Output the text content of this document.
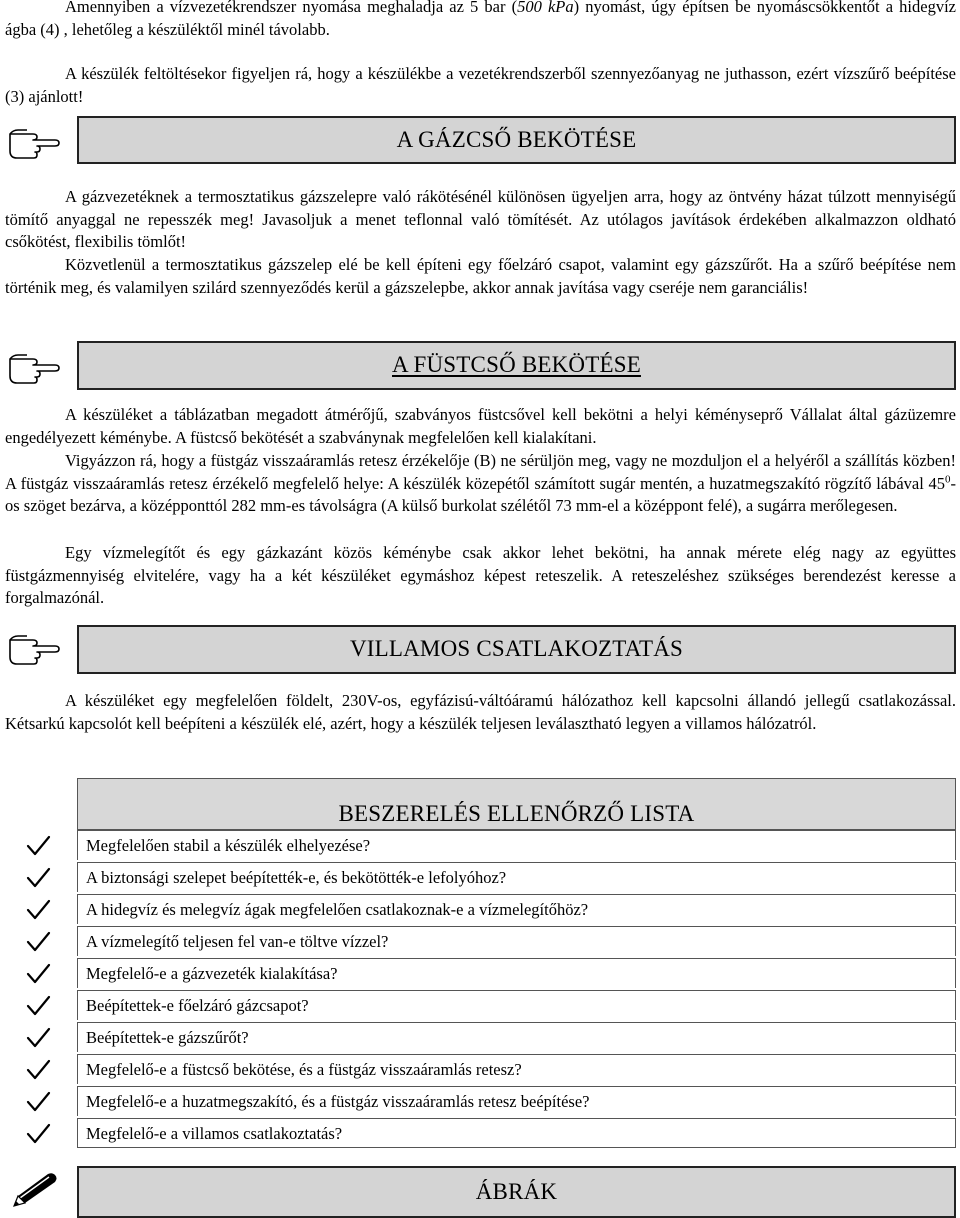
Amennyiben a vízvezetékrendszer nyomása meghaladja az 5 bar (500 kPa) nyomást, úgy építsen be nyomáscsökkentőt a hidegvíz ágba (4) , lehetőleg a készüléktől minél távolabb.

A készülék feltöltésekor figyeljen rá, hogy a készülékbe a vezetékrendszerből szennyezőanyag ne juthasson, ezért vízszűrő beépítése (3) ajánlott!

A GÁZCSŐ BEKÖTÉSE

A gázvezetéknek a termosztatikus gázszelepre való rákötésénél különösen ügyeljen arra, hogy az öntvény házat túlzott mennyiségű tömítő anyaggal ne repesszék meg! Javasoljuk a menet teflonnal való tömítését. Az utólagos javítások érdekében alkalmazzon oldható csőkötést, flexibilis tömlőt!

Közvetlenül a termosztatikus gázszelep elé be kell építeni egy főelzáró csapot, valamint egy gázszűrőt. Ha a szűrő beépítése nem történik meg, és valamilyen szilárd szennyeződés kerül a gázszelepbe, akkor annak javítása vagy cseréje nem garanciális!

A FÜSTCSŐ BEKÖTÉSE

A készüléket a táblázatban megadott átmérőjű, szabványos füstcsővel kell bekötni a helyi kéményseprő Vállalat által gázüzemre engedélyezett kéménybe. A füstcső bekötését a szabványnak megfelelően kell kialakítani.

Vigyázzon rá, hogy a füstgáz visszaáramlás retesz érzékelője (B) ne sérüljön meg, vagy ne mozduljon el a helyéről a szállítás közben! A füstgáz visszaáramlás retesz érzékelő megfelelő helye: A készülék közepétől számított sugár mentén, a huzatmegszakító rögzítő lábával $45^0-os$ szöget bezárva, a középponttól 282 mm-es távolságra (A külső burkolat szélétől 73 mm-el a középpont felé), a sugárra merőlegesen.

Egy vízmelegítőt és egy gázkazánt közös kéménybe csak akkor lehet bekötni, ha annak mérete elég nagy az együttes füstgázmennyiség elvitelére, vagy ha a két készüléket egymáshoz képest reteszelik. A reteszeléshez szükséges berendezést keresse a forgalmazónál.

VILLAMOS CSATLAKOZTATÁS

A készüléket egy megfelelően földelt, 230V-os, egyfázisú-váltóáramú hálózathoz kell kapcsolni állandó jellegű csatlakozással. Kétsarkú kapcsolót kell beépíteni a készülék elé, azért, hogy a készülék teljesen leválasztható legyen a villamos hálózatról.

BESZERELÉS ELLENŐRZŐ LISTA
Megfelelően stabil a készülék elhelyezése?
A biztonsági szelepet beépítették-e, és bekötötték-e lefolyóhoz?
A hidegvíz és melegvíz ágak megfelelően csatlakoznak-e a vízmelegítőhöz?
A vízmelegítő teljesen fel van-e töltve vízzel?
Megfelelő-e a gázvezeték kialakítása?
Beépítettek-e főelzáró gázcsapot?
Beépítettek-e gázszűrőt?
Megfelelő-e a füstcső bekötése, és a füstgáz visszaáramlás retesz?
Megfelelő-e a huzatmegszakító, és a füstgáz visszaáramlás retesz beépítése?
Megfelelő-e a villamos csatlakoztatás?
ÁBRÁK
